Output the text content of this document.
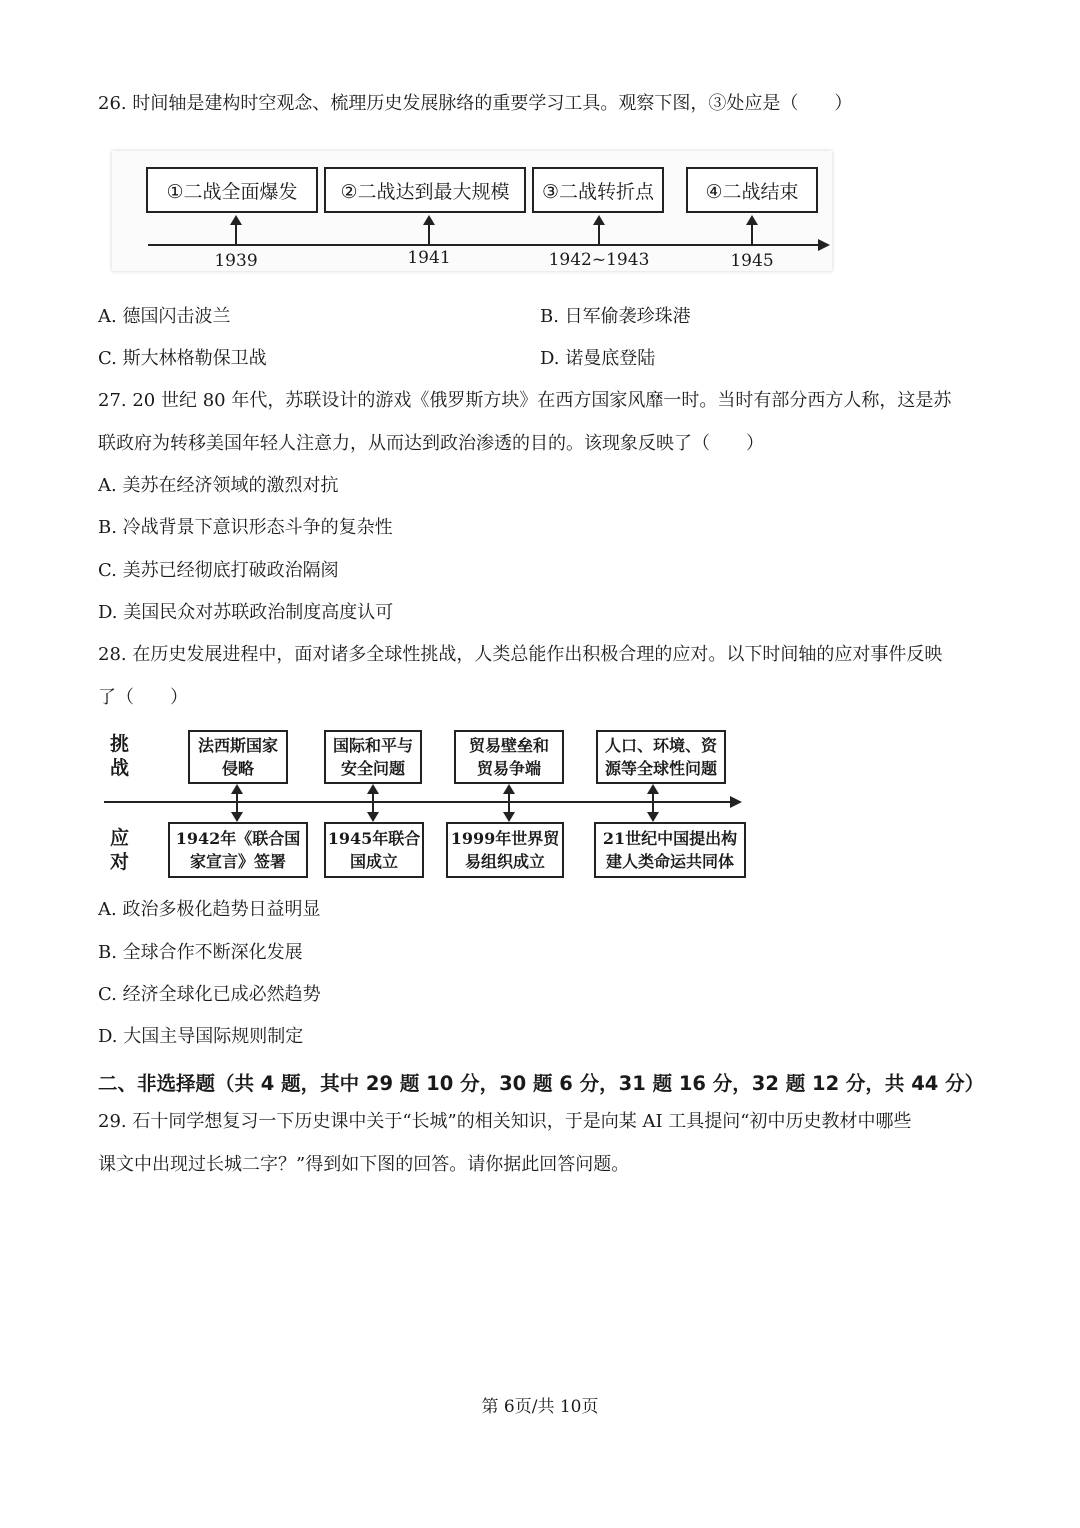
26. 时间轴是建构时空观念、梳理历史发展脉络的重要学习工具。观察下图，③处应是（　　）
①二战全面爆发	②二战达到最大规模	③二战转折点	④二战结束
1939	1941	1942~1943	1945
A. 德国闪击波兰	B. 日军偷袭珍珠港
C. 斯大林格勒保卫战	D. 诺曼底登陆
27. 20 世纪 80 年代，苏联设计的游戏《俄罗斯方块》在西方国家风靡一时。当时有部分西方人称，这是苏
联政府为转移美国年轻人注意力，从而达到政治渗透的目的。该现象反映了（　　）
A. 美苏在经济领域的激烈对抗
B. 冷战背景下意识形态斗争的复杂性
C. 美苏已经彻底打破政治隔阂
D. 美国民众对苏联政治制度高度认可
28. 在历史发展进程中，面对诸多全球性挑战，人类总能作出积极合理的应对。以下时间轴的应对事件反映
了（　　）
挑
战
应
对
法西斯国家
侵略
国际和平与
安全问题
贸易壁垒和
贸易争端
人口、环境、资
源等全球性问题
1942年《联合国
家宣言》签署
1945年联合
国成立
1999年世界贸
易组织成立
21世纪中国提出构
建人类命运共同体
A. 政治多极化趋势日益明显
B. 全球合作不断深化发展
C. 经济全球化已成必然趋势
D. 大国主导国际规则制定
二、非选择题（共 4 题，其中 29 题 10 分，30 题 6 分，31 题 16 分，32 题 12 分，共 44 分）
29. 石十同学想复习一下历史课中关于“长城”的相关知识，于是向某 AI 工具提问“初中历史教材中哪些
课文中出现过长城二字？”得到如下图的回答。请你据此回答问题。
第 6页/共 10页
